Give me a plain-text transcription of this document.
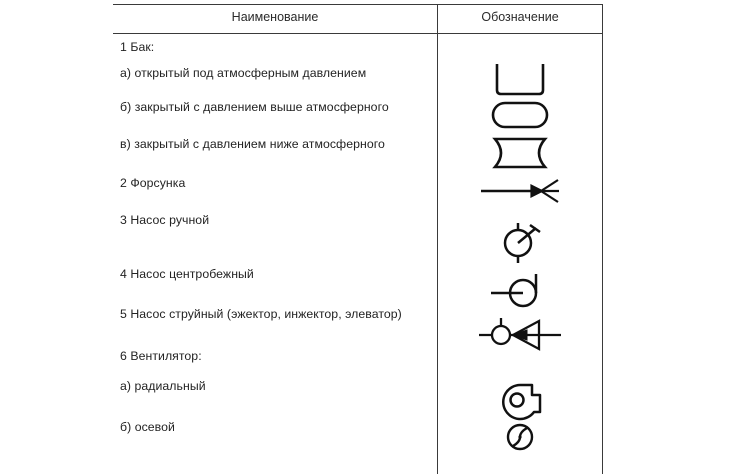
Наименование	Обозначение
1 Бак:
а) открытый под атмосферным давлением
б) закрытый с давлением выше атмосферного
в) закрытый с давлением ниже атмосферного
2 Форсунка
3 Насос ручной
4 Насос центробежный
5 Насос струйный (эжектор, инжектор, элеватор)
6 Вентилятор:
а) радиальный
б) осевой
